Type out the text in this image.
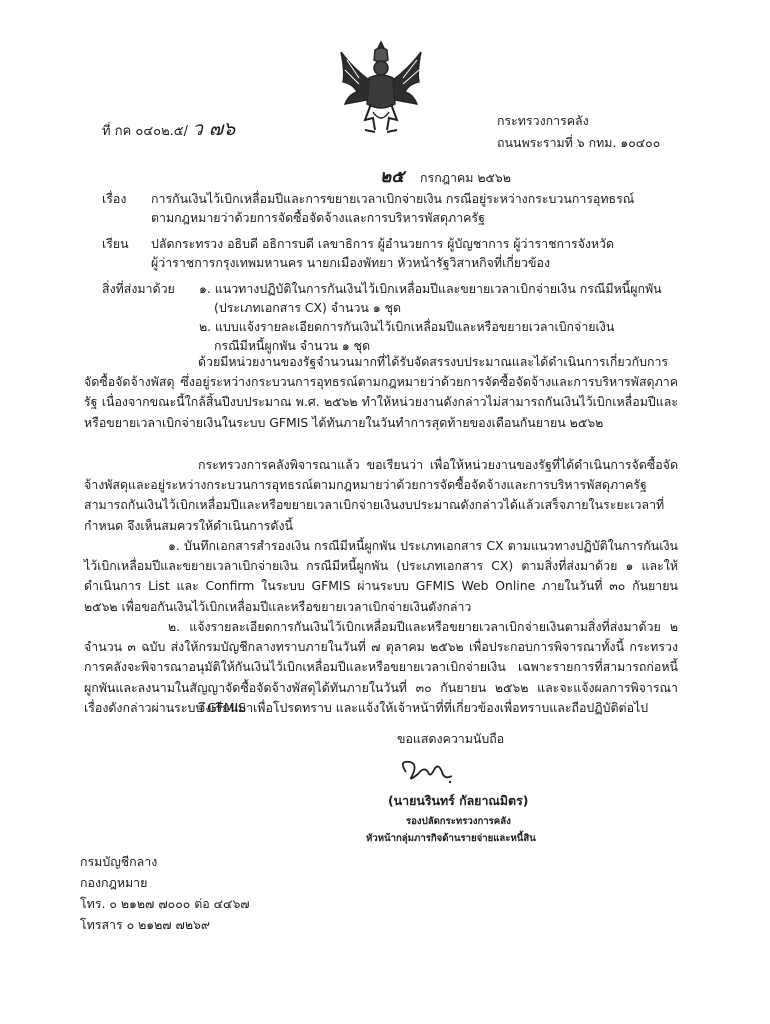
ที่ กค ๐๔๐๒.๕/ ว ๗๖	กระทรวงการคลัง
ถนนพระรามที่ ๖ กทม. ๑๐๔๐๐
๒๕ กรกฎาคม ๒๕๖๒
เรื่อง การกันเงินไว้เบิกเหลื่อมปีและการขยายเวลาเบิกจ่ายเงิน กรณีอยู่ระหว่างกระบวนการอุทธรณ์
ตามกฎหมายว่าด้วยการจัดซื้อจัดจ้างและการบริหารพัสดุภาครัฐ
เรียน ปลัดกระทรวง อธิบดี อธิการบดี เลขาธิการ ผู้อำนวยการ ผู้บัญชาการ ผู้ว่าราชการจังหวัด
ผู้ว่าราชการกรุงเทพมหานคร นายกเมืองพัทยา หัวหน้ารัฐวิสาหกิจที่เกี่ยวข้อง
สิ่งที่ส่งมาด้วย ๑. แนวทางปฏิบัติในการกันเงินไว้เบิกเหลื่อมปีและขยายเวลาเบิกจ่ายเงิน กรณีมีหนี้ผูกพัน
(ประเภทเอกสาร CX) จำนวน ๑ ชุด
๒. แบบแจ้งรายละเอียดการกันเงินไว้เบิกเหลื่อมปีและหรือขยายเวลาเบิกจ่ายเงิน
กรณีมีหนี้ผูกพัน จำนวน ๑ ชุด
ด้วยมีหน่วยงานของรัฐจำนวนมากที่ได้รับจัดสรรงบประมาณและได้ดำเนินการเกี่ยวกับการจัดซื้อจัดจ้างพัสดุ ซึ่งอยู่ระหว่างกระบวนการอุทธรณ์ตามกฎหมายว่าด้วยการจัดซื้อจัดจ้างและการบริหารพัสดุภาครัฐ เนื่องจากขณะนี้ใกล้สิ้นปีงบประมาณ พ.ศ. ๒๕๖๒ ทำให้หน่วยงานดังกล่าวไม่สามารถกันเงินไว้เบิกเหลื่อมปีและหรือขยายเวลาเบิกจ่ายเงินในระบบ GFMIS ได้ทันภายในวันทำการสุดท้ายของเดือนกันยายน ๒๕๖๒
กระทรวงการคลังพิจารณาแล้ว ขอเรียนว่า เพื่อให้หน่วยงานของรัฐที่ได้ดำเนินการจัดซื้อจัดจ้างพัสดุและอยู่ระหว่างกระบวนการอุทธรณ์ตามกฎหมายว่าด้วยการจัดซื้อจัดจ้างและการบริหารพัสดุภาครัฐ สามารถกันเงินไว้เบิกเหลื่อมปีและหรือขยายเวลาเบิกจ่ายเงินงบประมาณดังกล่าวได้แล้วเสร็จภายในระยะเวลาที่กำหนด จึงเห็นสมควรให้ดำเนินการดังนี้
๑. บันทึกเอกสารสำรองเงิน กรณีมีหนี้ผูกพัน ประเภทเอกสาร CX ตามแนวทางปฏิบัติในการกันเงินไว้เบิกเหลื่อมปีและขยายเวลาเบิกจ่ายเงิน กรณีมีหนี้ผูกพัน (ประเภทเอกสาร CX) ตามสิ่งที่ส่งมาด้วย ๑ และให้ดำเนินการ List และ Confirm ในระบบ GFMIS ผ่านระบบ GFMIS Web Online ภายในวันที่ ๓๐ กันยายน ๒๕๖๒ เพื่อขอกันเงินไว้เบิกเหลื่อมปีและหรือขยายเวลาเบิกจ่ายเงินดังกล่าว
๒. แจ้งรายละเอียดการกันเงินไว้เบิกเหลื่อมปีและหรือขยายเวลาเบิกจ่ายเงินตามสิ่งที่ส่งมาด้วย ๒ จำนวน ๓ ฉบับ ส่งให้กรมบัญชีกลางทราบภายในวันที่ ๗ ตุลาคม ๒๕๖๒ เพื่อประกอบการพิจารณาทั้งนี้ กระทรวงการคลังจะพิจารณาอนุมัติให้กันเงินไว้เบิกเหลื่อมปีและหรือขยายเวลาเบิกจ่ายเงิน เฉพาะรายการที่สามารถก่อหนี้ผูกพันและลงนามในสัญญาจัดซื้อจัดจ้างพัสดุได้ทันภายในวันที่ ๓๐ กันยายน ๒๕๖๒ และจะแจ้งผลการพิจารณาเรื่องดังกล่าวผ่านระบบ GFMIS
จึงเรียนมาเพื่อโปรดทราบ และแจ้งให้เจ้าหน้าที่ที่เกี่ยวข้องเพื่อทราบและถือปฏิบัติต่อไป
ขอแสดงความนับถือ
(นายนรินทร์ กัลยาณมิตร)
รองปลัดกระทรวงการคลัง
หัวหน้ากลุ่มภารกิจด้านรายจ่ายและหนี้สิน
กรมบัญชีกลาง
กองกฎหมาย
โทร. ๐ ๒๑๒๗ ๗๐๐๐ ต่อ ๔๔๖๗
โทรสาร ๐ ๒๑๒๗ ๗๒๖๙
